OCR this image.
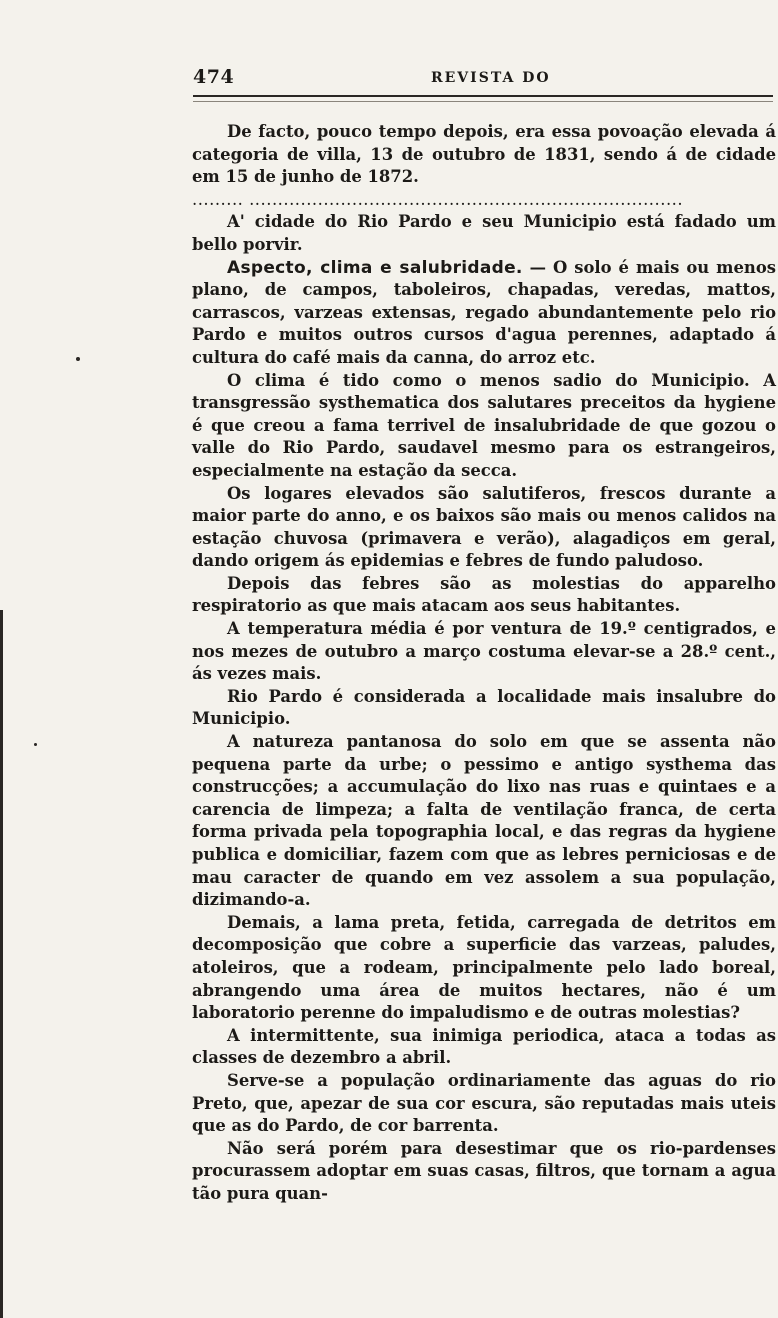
474	REVISTA DO

De facto, pouco tempo depois, era essa povoação elevada á categoria de villa, 13 de outubro de 1831, sendo á de cidade em 15 de junho de 1872.

......... ............................................................................

A' cidade do Rio Pardo e seu Municipio está fadado um bello porvir.

Aspecto, clima e salubridade. — O solo é mais ou menos plano, de campos, taboleiros, chapadas, veredas, mattos, carrascos, varzeas extensas, regado abundantemente pelo rio Pardo e muitos outros cursos d'agua perennes, adaptado á cultura do café mais da canna, do arroz etc.

O clima é tido como o menos sadio do Municipio. A transgressão systhematica dos salutares preceitos da hygiene é que creou a fama terrivel de insalubridade de que gozou o valle do Rio Pardo, saudavel mesmo para os estrangeiros, especialmente na estação da secca.

Os logares elevados são salutiferos, frescos durante a maior parte do anno, e os baixos são mais ou menos calidos na estação chuvosa (primavera e verão), alagadiços em geral, dando origem ás epidemias e febres de fundo paludoso.

Depois das febres são as molestias do apparelho respiratorio as que mais atacam aos seus habitantes.

A temperatura média é por ventura de 19.º centigrados, e nos mezes de outubro a março costuma elevar-se a 28.º cent., ás vezes mais.

Rio Pardo é considerada a localidade mais insalubre do Municipio.

A natureza pantanosa do solo em que se assenta não pequena parte da urbe; o pessimo e antigo systhema das construcções; a accumulação do lixo nas ruas e quintaes e a carencia de limpeza; a falta de ventilação franca, de certa forma privada pela topographia local, e das regras da hygiene publica e domiciliar, fazem com que as lebres perniciosas e de mau caracter de quando em vez assolem a sua população, dizimando-a.

Demais, a lama preta, fetida, carregada de detritos em decomposição que cobre a superficie das varzeas, paludes, atoleiros, que a rodeam, principalmente pelo lado boreal, abrangendo uma área de muitos hectares, não é um laboratorio perenne do impaludismo e de outras molestias?

A intermittente, sua inimiga periodica, ataca a todas as classes de dezembro a abril.

Serve-se a população ordinariamente das aguas do rio Preto, que, apezar de sua cor escura, são reputadas mais uteis que as do Pardo, de cor barrenta.

Não será porém para desestimar que os rio-pardenses procurassem adoptar em suas casas, filtros, que tornam a agua tão pura quan-
